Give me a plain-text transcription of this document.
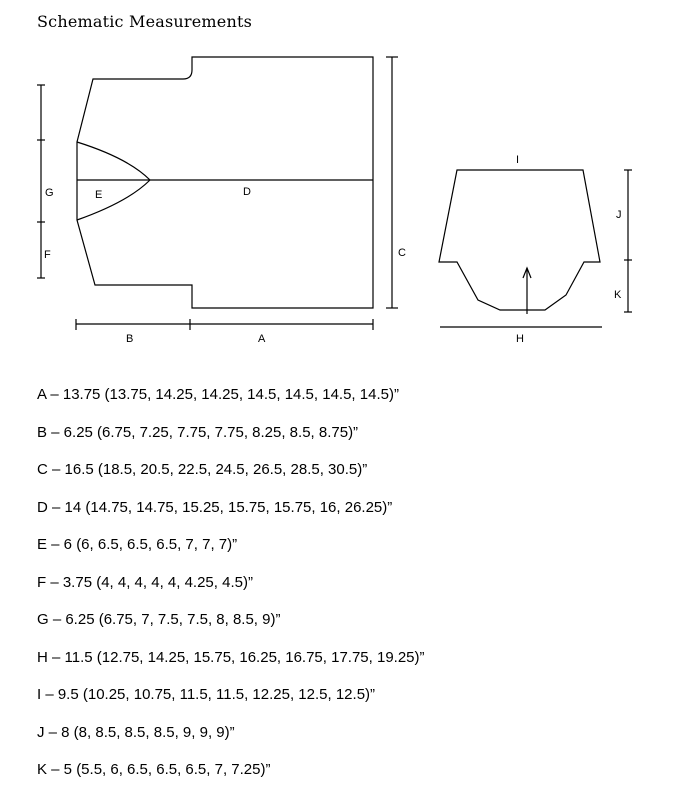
Schematic Measurements
A
B
C
D
E
F
G
H
I
J
K
A – 13.75 (13.75, 14.25, 14.25, 14.5, 14.5, 14.5, 14.5)”
B – 6.25 (6.75, 7.25, 7.75, 7.75, 8.25, 8.5, 8.75)”
C – 16.5 (18.5, 20.5, 22.5, 24.5, 26.5, 28.5, 30.5)”
D – 14 (14.75, 14.75, 15.25, 15.75, 15.75, 16, 26.25)”
E – 6 (6, 6.5, 6.5, 6.5, 7, 7, 7)”
F – 3.75 (4, 4, 4, 4, 4, 4.25, 4.5)”
G – 6.25 (6.75, 7, 7.5, 7.5, 8, 8.5, 9)”
H – 11.5 (12.75, 14.25, 15.75, 16.25, 16.75, 17.75, 19.25)”
I – 9.5 (10.25, 10.75, 11.5, 11.5, 12.25, 12.5, 12.5)”
J – 8 (8, 8.5, 8.5, 8.5, 9, 9, 9)”
K – 5 (5.5, 6, 6.5, 6.5, 6.5, 7, 7.25)”
